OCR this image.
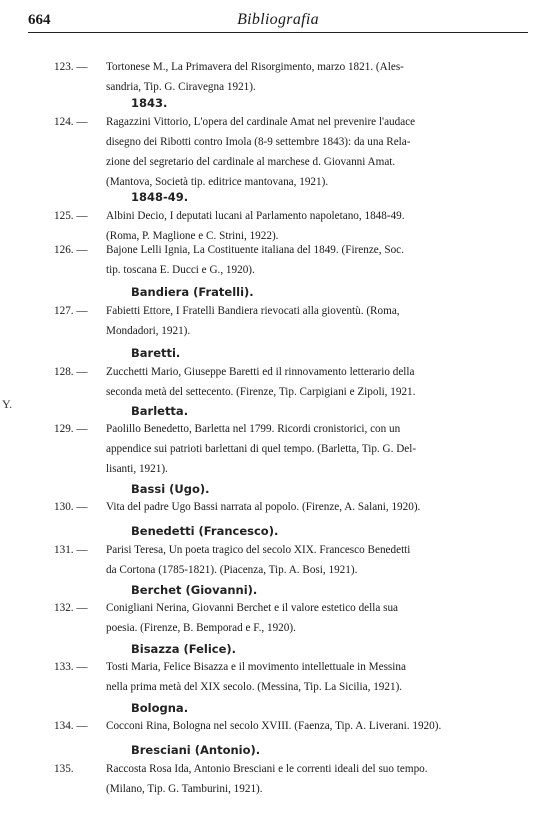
664	Bibliografia
Y.
123. — Tortonese M., La Primavera del Risorgimento, marzo 1821. (Ales-
sandria, Tip. G. Ciravegna 1921).
1843.
124. — Ragazzini Vittorio, L'opera del cardinale Amat nel prevenire l'audace
disegno dei Ribotti contro Imola (8-9 settembre 1843): da una Rela-
zione del segretario del cardinale al marchese d. Giovanni Amat.
(Mantova, Società tip. editrice mantovana, 1921).
1848-49.
125. — Albini Decio, I deputati lucani al Parlamento napoletano, 1848-49.
(Roma, P. Maglione e C. Strini, 1922).
126. — Bajone Lelli Ignia, La Costituente italiana del 1849. (Firenze, Soc.
tip. toscana E. Ducci e G., 1920).
Bandiera (Fratelli).
127. — Fabietti Ettore, I Fratelli Bandiera rievocati alla gioventù. (Roma,
Mondadori, 1921).
Baretti.
128. — Zucchetti Mario, Giuseppe Baretti ed il rinnovamento letterario della
seconda metà del settecento. (Firenze, Tip. Carpigiani e Zipoli, 1921.
Barletta.
129. — Paolillo Benedetto, Barletta nel 1799. Ricordi cronistorici, con un
appendice sui patrioti barlettani di quel tempo. (Barletta, Tip. G. Del-
lisanti, 1921).
Bassi (Ugo).
130. — Vita del padre Ugo Bassi narrata al popolo. (Firenze, A. Salani, 1920).
Benedetti (Francesco).
131. — Parisi Teresa, Un poeta tragico del secolo XIX. Francesco Benedetti
da Cortona (1785-1821). (Piacenza, Tip. A. Bosi, 1921).
Berchet (Giovanni).
132. — Conigliani Nerina, Giovanni Berchet e il valore estetico della sua
poesia. (Firenze, B. Bemporad e F., 1920).
Bisazza (Felice).
133. — Tosti Maria, Felice Bisazza e il movimento intellettuale in Messina
nella prima metà del XIX secolo. (Messina, Tip. La Sicilia, 1921).
Bologna.
134. — Cocconi Rina, Bologna nel secolo XVIII. (Faenza, Tip. A. Liverani. 1920).
Bresciani (Antonio).
135.	Raccosta Rosa Ida, Antonio Bresciani e le correnti ideali del suo tempo.
(Milano, Tip. G. Tamburini, 1921).
